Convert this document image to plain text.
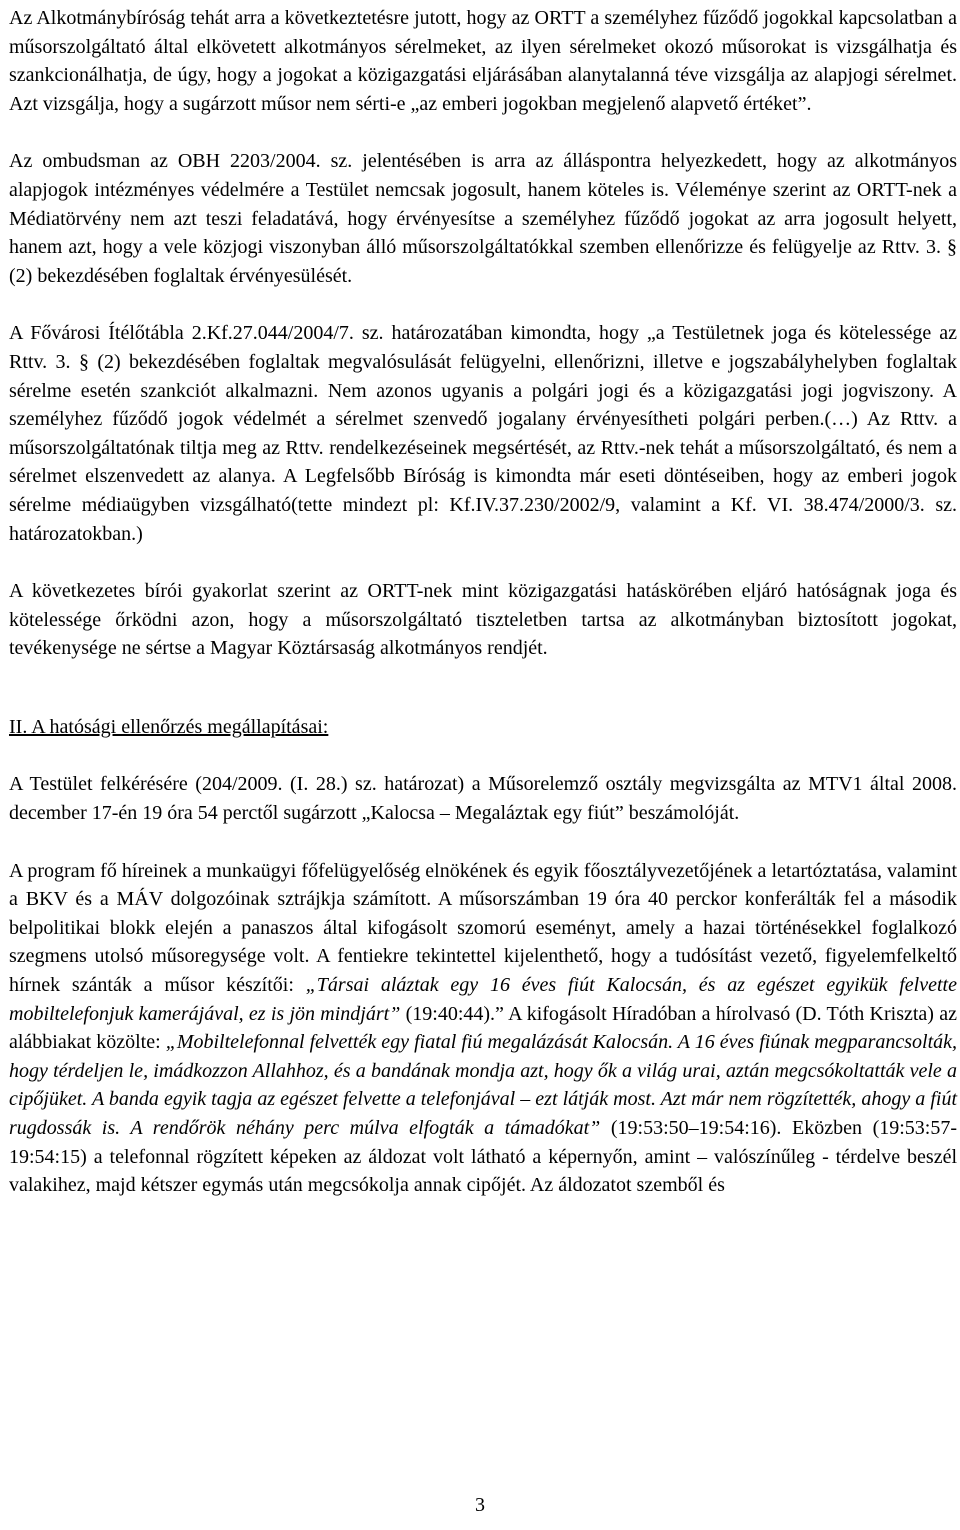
Az Alkotmánybíróság tehát arra a következtetésre jutott, hogy az ORTT a személyhez fűződő jogokkal kapcsolatban a műsorszolgáltató által elkövetett alkotmányos sérelmeket, az ilyen sérelmeket okozó műsorokat is vizsgálhatja és szankcionálhatja, de úgy, hogy a jogokat a közigazgatási eljárásában alanytalanná téve vizsgálja az alapjogi sérelmet. Azt vizsgálja, hogy a sugárzott műsor nem sérti-e „az emberi jogokban megjelenő alapvető értéket”.

Az ombudsman az OBH 2203/2004. sz. jelentésében is arra az álláspontra helyezkedett, hogy az alkotmányos alapjogok intézményes védelmére a Testület nemcsak jogosult, hanem köteles is. Véleménye szerint az ORTT-nek a Médiatörvény nem azt teszi feladatává, hogy érvényesítse a személyhez fűződő jogokat az arra jogosult helyett, hanem azt, hogy a vele közjogi viszonyban álló műsorszolgáltatókkal szemben ellenőrizze és felügyelje az Rttv. 3. § (2) bekezdésében foglaltak érvényesülését.

A Fővárosi Ítélőtábla 2.Kf.27.044/2004/7. sz. határozatában kimondta, hogy „a Testületnek joga és kötelessége az Rttv. 3. § (2) bekezdésében foglaltak megvalósulását felügyelni, ellenőrizni, illetve e jogszabályhelyben foglaltak sérelme esetén szankciót alkalmazni. Nem azonos ugyanis a polgári jogi és a közigazgatási jogi jogviszony. A személyhez fűződő jogok védelmét a sérelmet szenvedő jogalany érvényesítheti polgári perben.(…) Az Rttv. a műsorszolgáltatónak tiltja meg az Rttv. rendelkezéseinek megsértését, az Rttv.-nek tehát a műsorszolgáltató, és nem a sérelmet elszenvedett az alanya. A Legfelsőbb Bíróság is kimondta már eseti döntéseiben, hogy az emberi jogok sérelme médiaügyben vizsgálható(tette mindezt pl: Kf.IV.37.230/2002/9, valamint a Kf. VI. 38.474/2000/3. sz. határozatokban.)

A következetes bírói gyakorlat szerint az ORTT-nek mint közigazgatási hatáskörében eljáró hatóságnak joga és kötelessége őrködni azon, hogy a műsorszolgáltató tiszteletben tartsa az alkotmányban biztosított jogokat, tevékenysége ne sértse a Magyar Köztársaság alkotmányos rendjét.

II. A hatósági ellenőrzés megállapításai:

A Testület felkérésére (204/2009. (I. 28.) sz. határozat) a Műsorelemző osztály megvizsgálta az MTV1 által 2008. december 17-én 19 óra 54 perctől sugárzott „Kalocsa – Megaláztak egy fiút” beszámolóját.

A program fő híreinek a munkaügyi főfelügyelőség elnökének és egyik főosztályvezetőjének a letartóztatása, valamint a BKV és a MÁV dolgozóinak sztrájkja számított. A műsorszámban 19 óra 40 perckor konferálták fel a második belpolitikai blokk elején a panaszos által kifogásolt szomorú eseményt, amely a hazai történésekkel foglalkozó szegmens utolsó műsoregysége volt. A fentiekre tekintettel kijelenthető, hogy a tudósítást vezető, figyelemfelkeltő hírnek szánták a műsor készítői: „Társai aláztak egy 16 éves fiút Kalocsán, és az egészet egyikük felvette mobiltelefonjuk kamerájával, ez is jön mindjárt” (19:40:44).” A kifogásolt Híradóban a hírolvasó (D. Tóth Kriszta) az alábbiakat közölte: „Mobiltelefonnal felvették egy fiatal fiú megalázását Kalocsán. A 16 éves fiúnak megparancsolták, hogy térdeljen le, imádkozzon Allahhoz, és a bandának mondja azt, hogy ők a világ urai, aztán megcsókoltatták vele a cipőjüket. A banda egyik tagja az egészet felvette a telefonjával – ezt látják most. Azt már nem rögzítették, ahogy a fiút rugdossák is. A rendőrök néhány perc múlva elfogták a támadókat” (19:53:50–19:54:16). Eközben (19:53:57-19:54:15) a telefonnal rögzített képeken az áldozat volt látható a képernyőn, amint – valószínűleg - térdelve beszél valakihez, majd kétszer egymás után megcsókolja annak cipőjét. Az áldozatot szemből és

3
